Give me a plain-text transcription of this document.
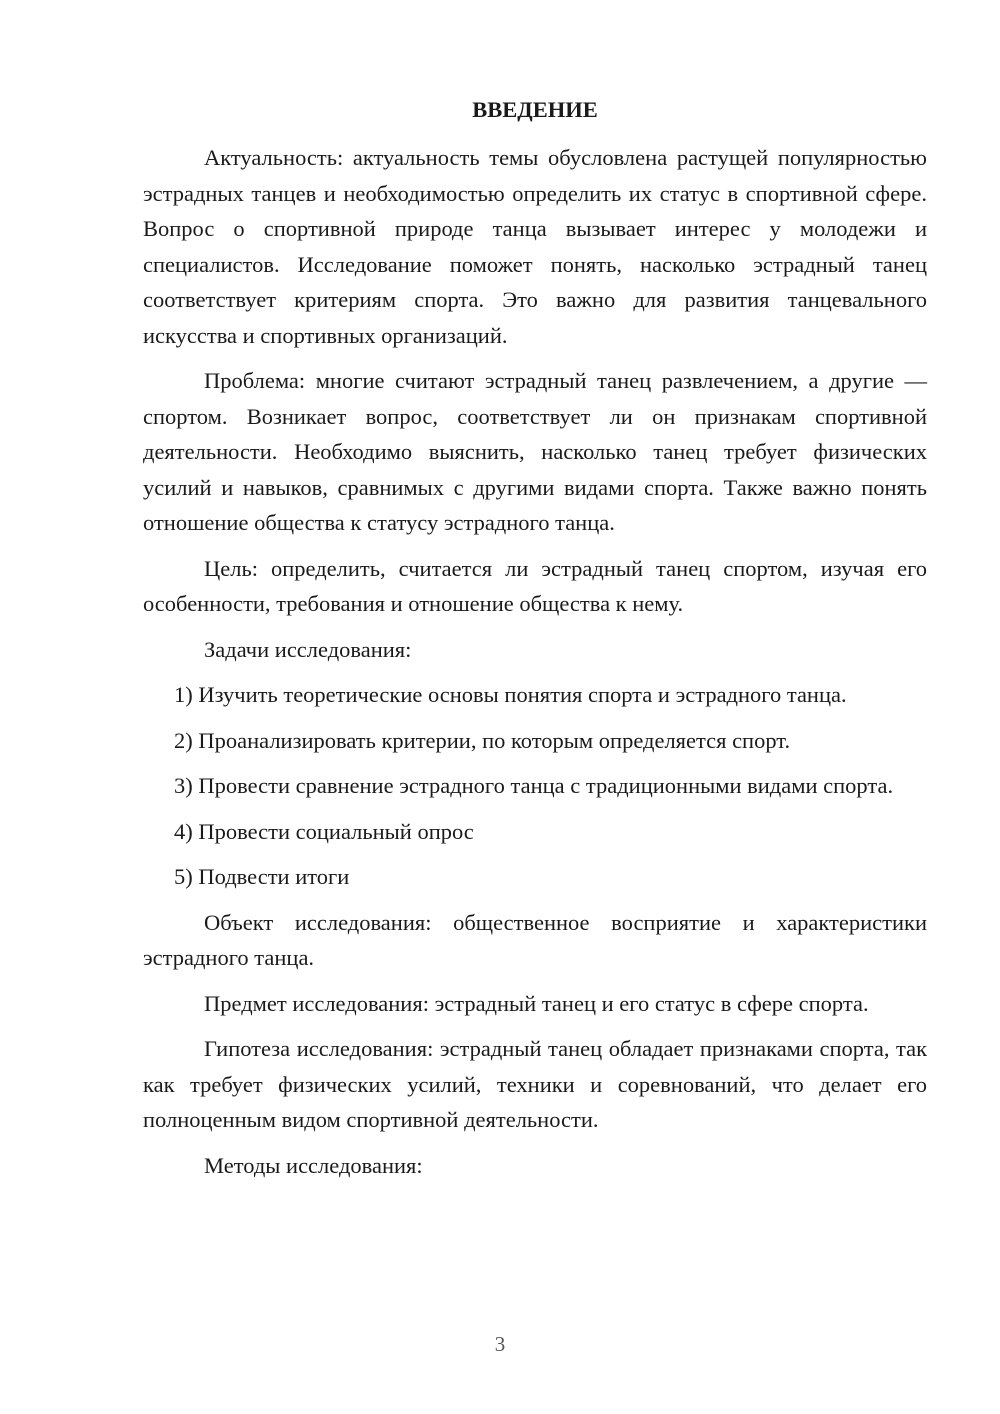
ВВЕДЕНИЕ

Актуальность: актуальность темы обусловлена растущей популярностью эстрадных танцев и необходимостью определить их статус в спортивной сфере. Вопрос о спортивной природе танца вызывает интерес у молодежи и специалистов. Исследование поможет понять, насколько эстрадный танец соответствует критериям спорта. Это важно для развития танцевального искусства и спортивных организаций.

Проблема: многие считают эстрадный танец развлечением, а другие — спортом. Возникает вопрос, соответствует ли он признакам спортивной деятельности. Необходимо выяснить, насколько танец требует физических усилий и навыков, сравнимых с другими видами спорта. Также важно понять отношение общества к статусу эстрадного танца.

Цель: определить, считается ли эстрадный танец спортом, изучая его особенности, требования и отношение общества к нему.

Задачи исследования:

1) Изучить теоретические основы понятия спорта и эстрадного танца.

2) Проанализировать критерии, по которым определяется спорт.

3) Провести сравнение эстрадного танца с традиционными видами спорта.

4) Провести социальный опрос

5) Подвести итоги

Объект исследования: общественное восприятие и характеристики эстрадного танца.

Предмет исследования: эстрадный танец и его статус в сфере спорта.

Гипотеза исследования: эстрадный танец обладает признаками спорта, так как требует физических усилий, техники и соревнований, что делает его полноценным видом спортивной деятельности.

Методы исследования:

3
